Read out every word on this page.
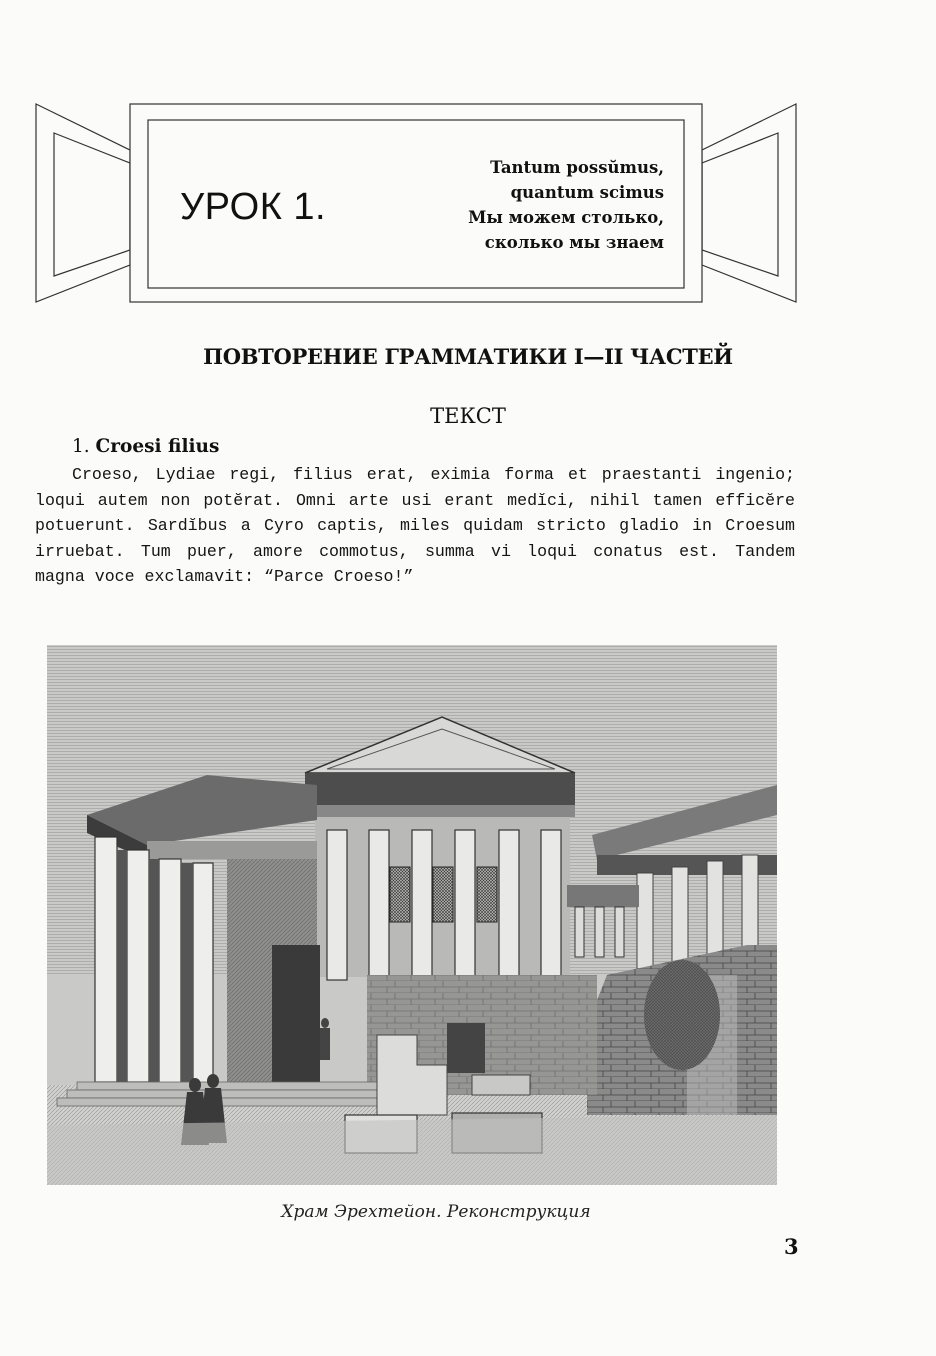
УРОК 1.
Tantum possŭmus,
quantum scimus
Мы можем столько,
сколько мы знаем
ПОВТОРЕНИЕ ГРАММАТИКИ I—II ЧАСТЕЙ
ТЕКСТ
1. Croesi filius
Croeso, Lydiae regi, filius erat, eximia forma et praestanti ingenio;
loqui autem non potĕrat. Omni arte usi erant medĭci, nihil tamen efficĕre
potuerunt. Sardĭbus a Cyro captis, miles quidam stricto gladio in Croesum
irruebat. Tum puer, amore commotus, summa vi loqui conatus est. Tandem
magna voce exclamavit: “Parce Croeso!”
Храм Эрехтейон. Реконструкция
3
